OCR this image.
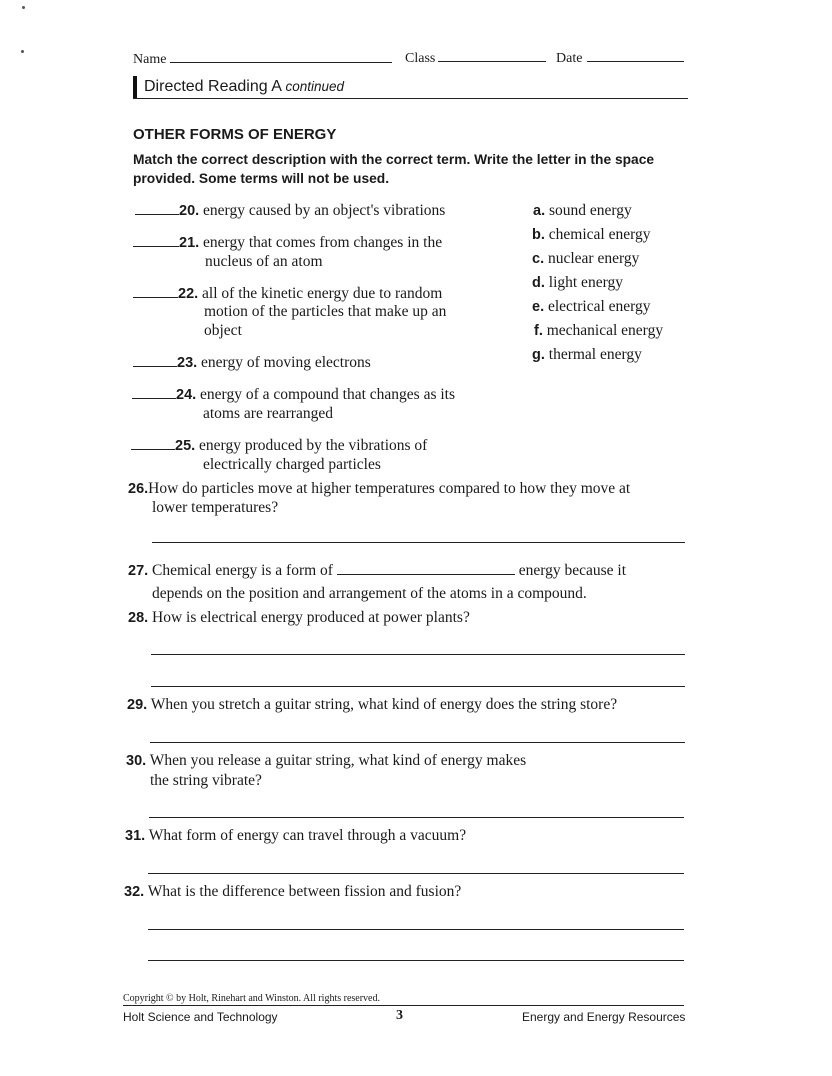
Name	Class	Date
Directed Reading A continued
OTHER FORMS OF ENERGY
Match the correct description with the correct term. Write the letter in the space
provided. Some terms will not be used.
20. energy caused by an object's vibrations
21. energy that comes from changes in the
nucleus of an atom
22. all of the kinetic energy due to random
motion of the particles that make up an
object
23. energy of moving electrons
24. energy of a compound that changes as its
atoms are rearranged
25. energy produced by the vibrations of
electrically charged particles
a. sound energy
b. chemical energy
c. nuclear energy
d. light energy
e. electrical energy
f. mechanical energy
g. thermal energy
26.How do particles move at higher temperatures compared to how they move at
lower temperatures?
27. Chemical energy is a form of	energy because it
depends on the position and arrangement of the atoms in a compound.
28. How is electrical energy produced at power plants?
29. When you stretch a guitar string, what kind of energy does the string store?
30. When you release a guitar string, what kind of energy makes
the string vibrate?
31. What form of energy can travel through a vacuum?
32. What is the difference between fission and fusion?
Copyright © by Holt, Rinehart and Winston. All rights reserved.
Holt Science and Technology	3	Energy and Energy Resources
